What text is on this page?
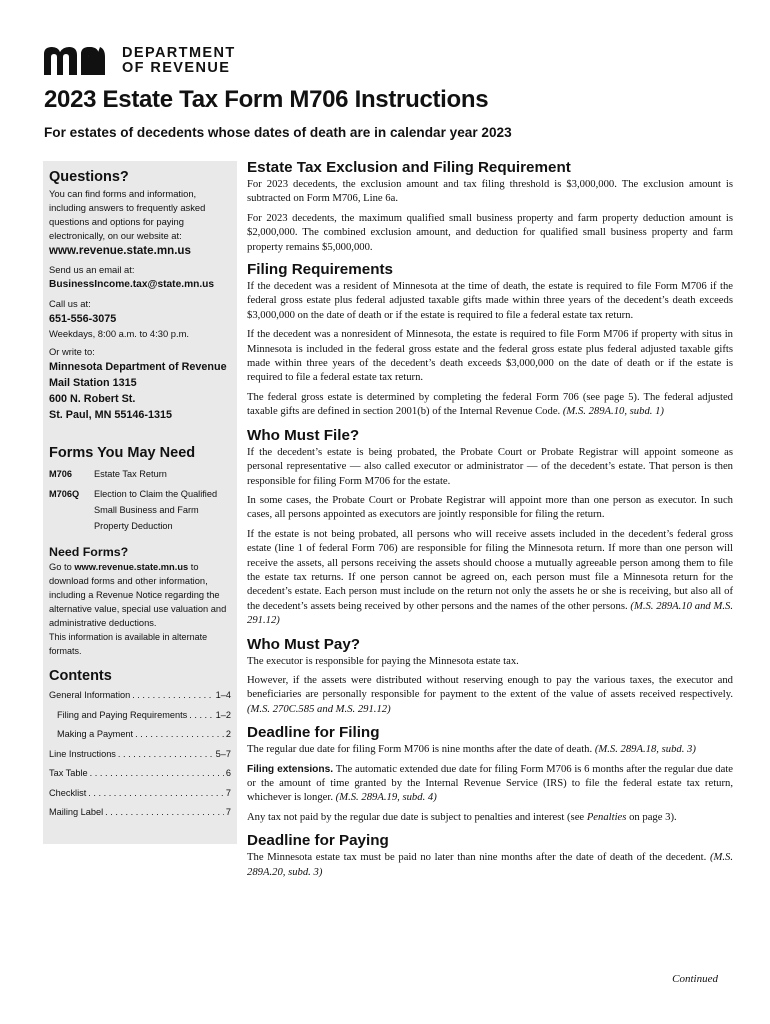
DEPARTMENT
OF REVENUE
2023 Estate Tax Form M706 Instructions
For estates of decedents whose dates of death are in calendar year 2023
Questions?

You can find forms and information, including answers to frequently asked questions and options for paying electronically, on our website at:

www.revenue.state.mn.us

Send us an email at:

BusinessIncome.tax@state.mn.us

Call us at:

651-556-3075

Weekdays, 8:00 a.m. to 4:30 p.m.

Or write to:

Minnesota Department of Revenue

Mail Station 1315

600 N. Robert St.

St. Paul, MN 55146-1315

Forms You May Need
M706	Estate Tax Return
M706Q	Election to Claim the Qualified Small Business and Farm Property Deduction
Need Forms?

Go to www.revenue.state.mn.us to download forms and other information, including a Revenue Notice regarding the alternative value, special use valuation and administrative deductions.

This information is available in alternate formats.

Contents
General Information . . .	1–4
Filing and Paying Requirements . . .	1–2
Making a Payment . . .	2
Line Instructions . . .	5–7
Tax Table . . .	6
Checklist . . .	7
Mailing Label . . .	7
Estate Tax Exclusion and Filing Requirement

For 2023 decedents, the exclusion amount and tax filing threshold is $3,000,000. The exclusion amount is subtracted on Form M706, Line 6a.

For 2023 decedents, the maximum qualified small business property and farm property deduction amount is $2,000,000. The combined exclusion amount, and deduction for qualified small business property and farm property remains $5,000,000.

Filing Requirements

If the decedent was a resident of Minnesota at the time of death, the estate is required to file Form M706 if the federal gross estate plus federal adjusted taxable gifts made within three years of the decedent’s death exceeds $3,000,000 on the date of death or if the estate is required to file a federal estate tax return.

If the decedent was a nonresident of Minnesota, the estate is required to file Form M706 if property with situs in Minnesota is included in the federal gross estate and the federal gross estate plus federal adjusted taxable gifts made within three years of the decedent’s death exceeds $3,000,000 on the date of death or if the estate is required to file a federal estate tax return.

The federal gross estate is determined by completing the federal Form 706 (see page 5). The federal adjusted taxable gifts are defined in section 2001(b) of the Internal Revenue Code. (M.S. 289A.10, subd. 1)

Who Must File?

If the decedent’s estate is being probated, the Probate Court or Probate Registrar will appoint someone as personal representative — also called executor or administrator — of the decedent’s estate. That person is then responsible for filing Form M706 for the estate.

In some cases, the Probate Court or Probate Registrar will appoint more than one person as executor. In such cases, all persons appointed as executors are jointly responsible for filing the return.

If the estate is not being probated, all persons who will receive assets included in the decedent’s federal gross estate (line 1 of federal Form 706) are responsible for filing the Minnesota return. If more than one person will receive the assets, all persons receiving the assets should choose a mutually agreeable person among them to file the estate tax returns. If one person cannot be agreed on, each person must file a Minnesota return for the decedent’s estate. Each person must include on the return not only the assets he or she is receiving, but also all of the decedent’s assets being received by other persons and the names of the other persons. (M.S. 289A.10 and M.S. 291.12)

Who Must Pay?

The executor is responsible for paying the Minnesota estate tax.

However, if the assets were distributed without reserving enough to pay the various taxes, the executor and beneficiaries are personally responsible for payment to the extent of the value of assets received respectively. (M.S. 270C.585 and M.S. 291.12)

Deadline for Filing

The regular due date for filing Form M706 is nine months after the date of death. (M.S. 289A.18, subd. 3)

Filing extensions. The automatic extended due date for filing Form M706 is 6 months after the regular due date or the amount of time granted by the Internal Revenue Service (IRS) to file the federal estate tax return, whichever is longer. (M.S. 289A.19, subd. 4)

Any tax not paid by the regular due date is subject to penalties and interest (see Penalties on page 3).

Deadline for Paying

The Minnesota estate tax must be paid no later than nine months after the date of death of the decedent. (M.S. 289A.20, subd. 3)

Continued
